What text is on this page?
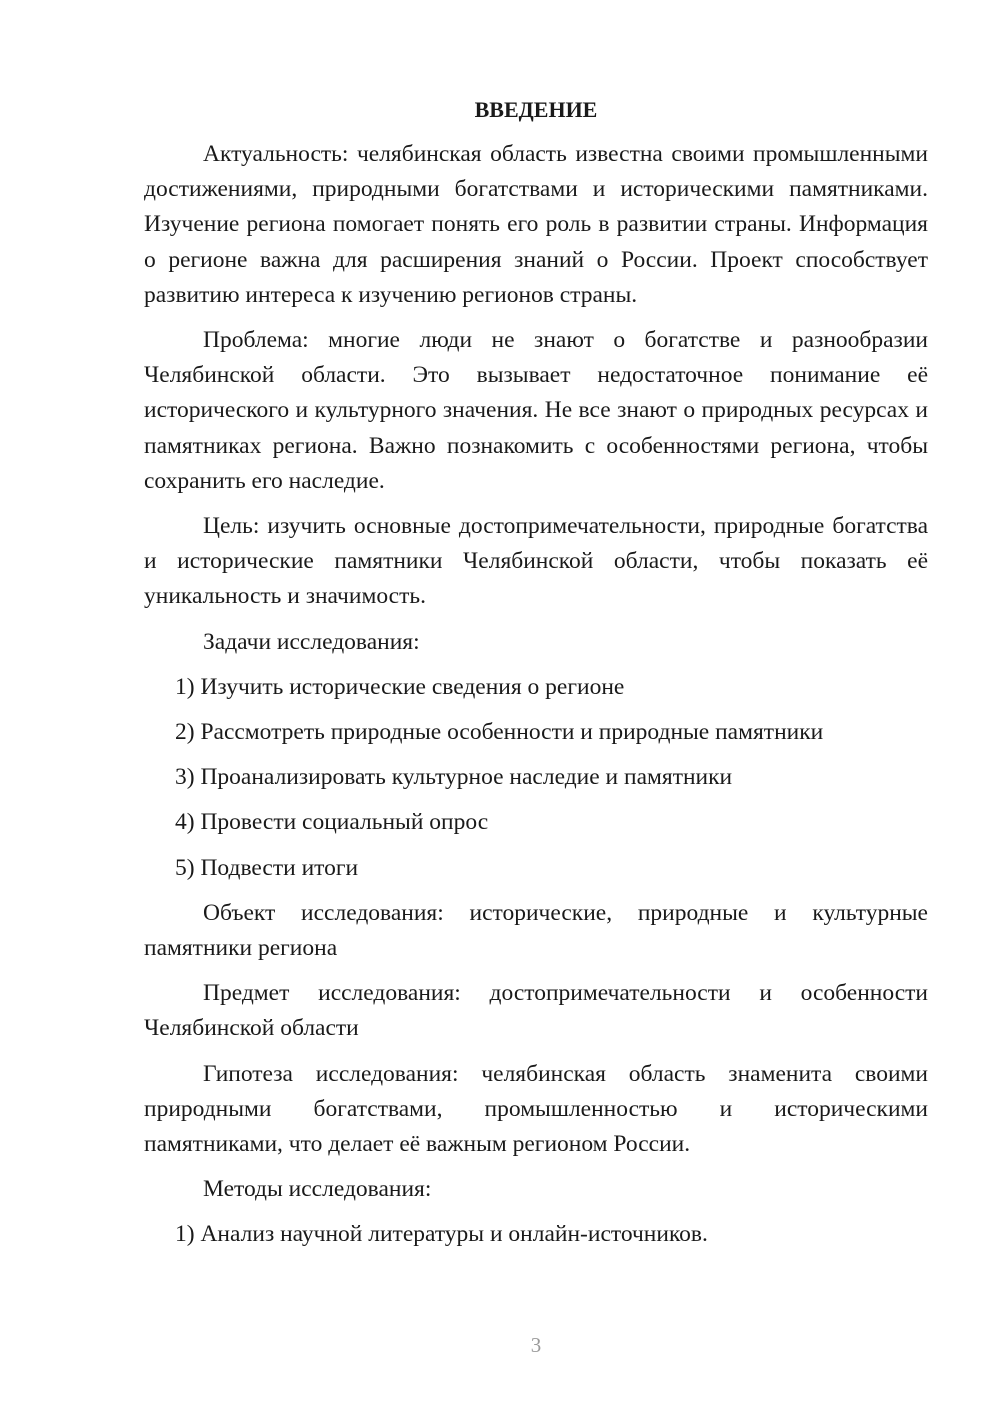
ВВЕДЕНИЕ
Актуальность: челябинская область известна своими промышленными достижениями, природными богатствами и историческими памятниками. Изучение региона помогает понять его роль в развитии страны. Информация о регионе важна для расширения знаний о России. Проект способствует развитию интереса к изучению регионов страны.
Проблема: многие люди не знают о богатстве и разнообразии Челябинской области. Это вызывает недостаточное понимание её исторического и культурного значения. Не все знают о природных ресурсах и памятниках региона. Важно познакомить с особенностями региона, чтобы сохранить его наследие.
Цель: изучить основные достопримечательности, природные богатства и исторические памятники Челябинской области, чтобы показать её уникальность и значимость.
Задачи исследования:
1) Изучить исторические сведения о регионе
2) Рассмотреть природные особенности и природные памятники
3) Проанализировать культурное наследие и памятники
4) Провести социальный опрос
5) Подвести итоги
Объект исследования: исторические, природные и культурные памятники региона
Предмет исследования: достопримечательности и особенности Челябинской области
Гипотеза исследования: челябинская область знаменита своими природными богатствами, промышленностью и историческими памятниками, что делает её важным регионом России.
Методы исследования:
1) Анализ научной литературы и онлайн-источников.
3
